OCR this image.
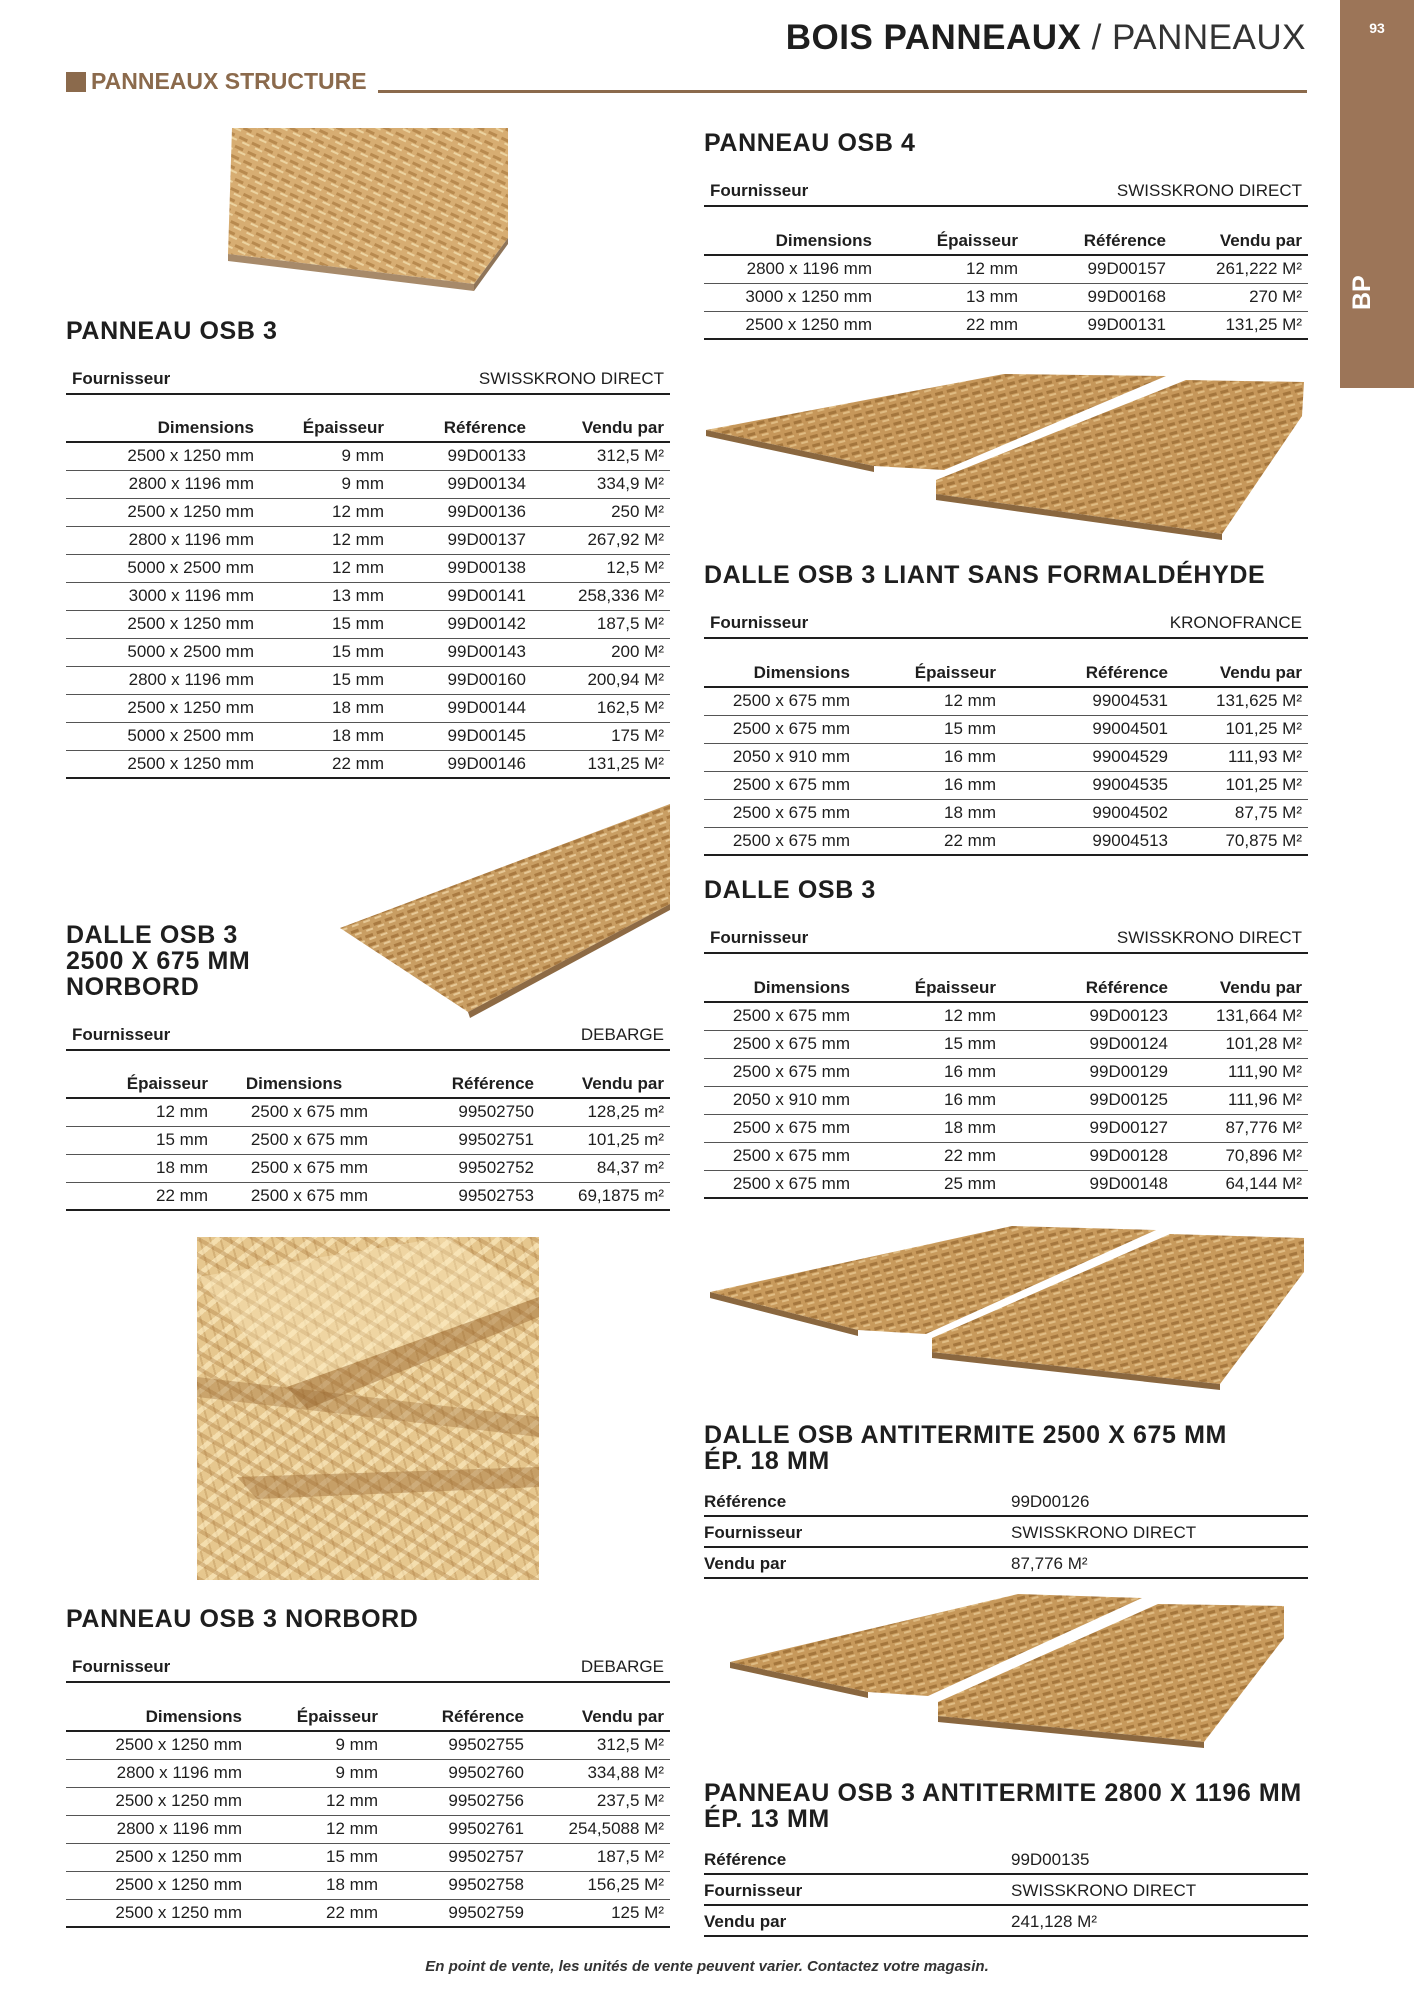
BOIS PANNEAUX / PANNEAUX	93
BP
PANNEAUX STRUCTURE
PANNEAU OSB 3
Fournisseur	SWISSKRONO DIRECT
Dimensions	Épaisseur	Référence	Vendu par
2500 x 1250 mm	9 mm	99D00133	312,5 M²
2800 x 1196 mm	9 mm	99D00134	334,9 M²
2500 x 1250 mm	12 mm	99D00136	250 M²
2800 x 1196 mm	12 mm	99D00137	267,92 M²
5000 x 2500 mm	12 mm	99D00138	12,5 M²
3000 x 1196 mm	13 mm	99D00141	258,336 M²
2500 x 1250 mm	15 mm	99D00142	187,5 M²
5000 x 2500 mm	15 mm	99D00143	200 M²
2800 x 1196 mm	15 mm	99D00160	200,94 M²
2500 x 1250 mm	18 mm	99D00144	162,5 M²
5000 x 2500 mm	18 mm	99D00145	175 M²
2500 x 1250 mm	22 mm	99D00146	131,25 M²
DALLE OSB 3
2500 X 675 MM
NORBORD
Fournisseur	DEBARGE
Épaisseur	Dimensions	Référence	Vendu par
12 mm	2500 x 675 mm	99502750	128,25 m²
15 mm	2500 x 675 mm	99502751	101,25 m²
18 mm	2500 x 675 mm	99502752	84,37 m²
22 mm	2500 x 675 mm	99502753	69,1875 m²
PANNEAU OSB 3 NORBORD
Fournisseur	DEBARGE
Dimensions	Épaisseur	Référence	Vendu par
2500 x 1250 mm	9 mm	99502755	312,5 M²
2800 x 1196 mm	9 mm	99502760	334,88 M²
2500 x 1250 mm	12 mm	99502756	237,5 M²
2800 x 1196 mm	12 mm	99502761	254,5088 M²
2500 x 1250 mm	15 mm	99502757	187,5 M²
2500 x 1250 mm	18 mm	99502758	156,25 M²
2500 x 1250 mm	22 mm	99502759	125 M²
PANNEAU OSB 4
Fournisseur	SWISSKRONO DIRECT
Dimensions	Épaisseur	Référence	Vendu par
2800 x 1196 mm	12 mm	99D00157	261,222 M²
3000 x 1250 mm	13 mm	99D00168	270 M²
2500 x 1250 mm	22 mm	99D00131	131,25 M²
DALLE OSB 3 LIANT SANS FORMALDÉHYDE
Fournisseur	KRONOFRANCE
Dimensions	Épaisseur	Référence	Vendu par
2500 x 675 mm	12 mm	99004531	131,625 M²
2500 x 675 mm	15 mm	99004501	101,25 M²
2050 x 910 mm	16 mm	99004529	111,93 M²
2500 x 675 mm	16 mm	99004535	101,25 M²
2500 x 675 mm	18 mm	99004502	87,75 M²
2500 x 675 mm	22 mm	99004513	70,875 M²
DALLE OSB 3
Fournisseur	SWISSKRONO DIRECT
Dimensions	Épaisseur	Référence	Vendu par
2500 x 675 mm	12 mm	99D00123	131,664 M²
2500 x 675 mm	15 mm	99D00124	101,28 M²
2500 x 675 mm	16 mm	99D00129	111,90 M²
2050 x 910 mm	16 mm	99D00125	111,96 M²
2500 x 675 mm	18 mm	99D00127	87,776 M²
2500 x 675 mm	22 mm	99D00128	70,896 M²
2500 x 675 mm	25 mm	99D00148	64,144 M²
DALLE OSB ANTITERMITE 2500 X 675 MM
ÉP. 18 MM
Référence	99D00126
Fournisseur	SWISSKRONO DIRECT
Vendu par	87,776 M²
PANNEAU OSB 3 ANTITERMITE 2800 X 1196 MM
ÉP. 13 MM
Référence	99D00135
Fournisseur	SWISSKRONO DIRECT
Vendu par	241,128 M²
En point de vente, les unités de vente peuvent varier. Contactez votre magasin.
